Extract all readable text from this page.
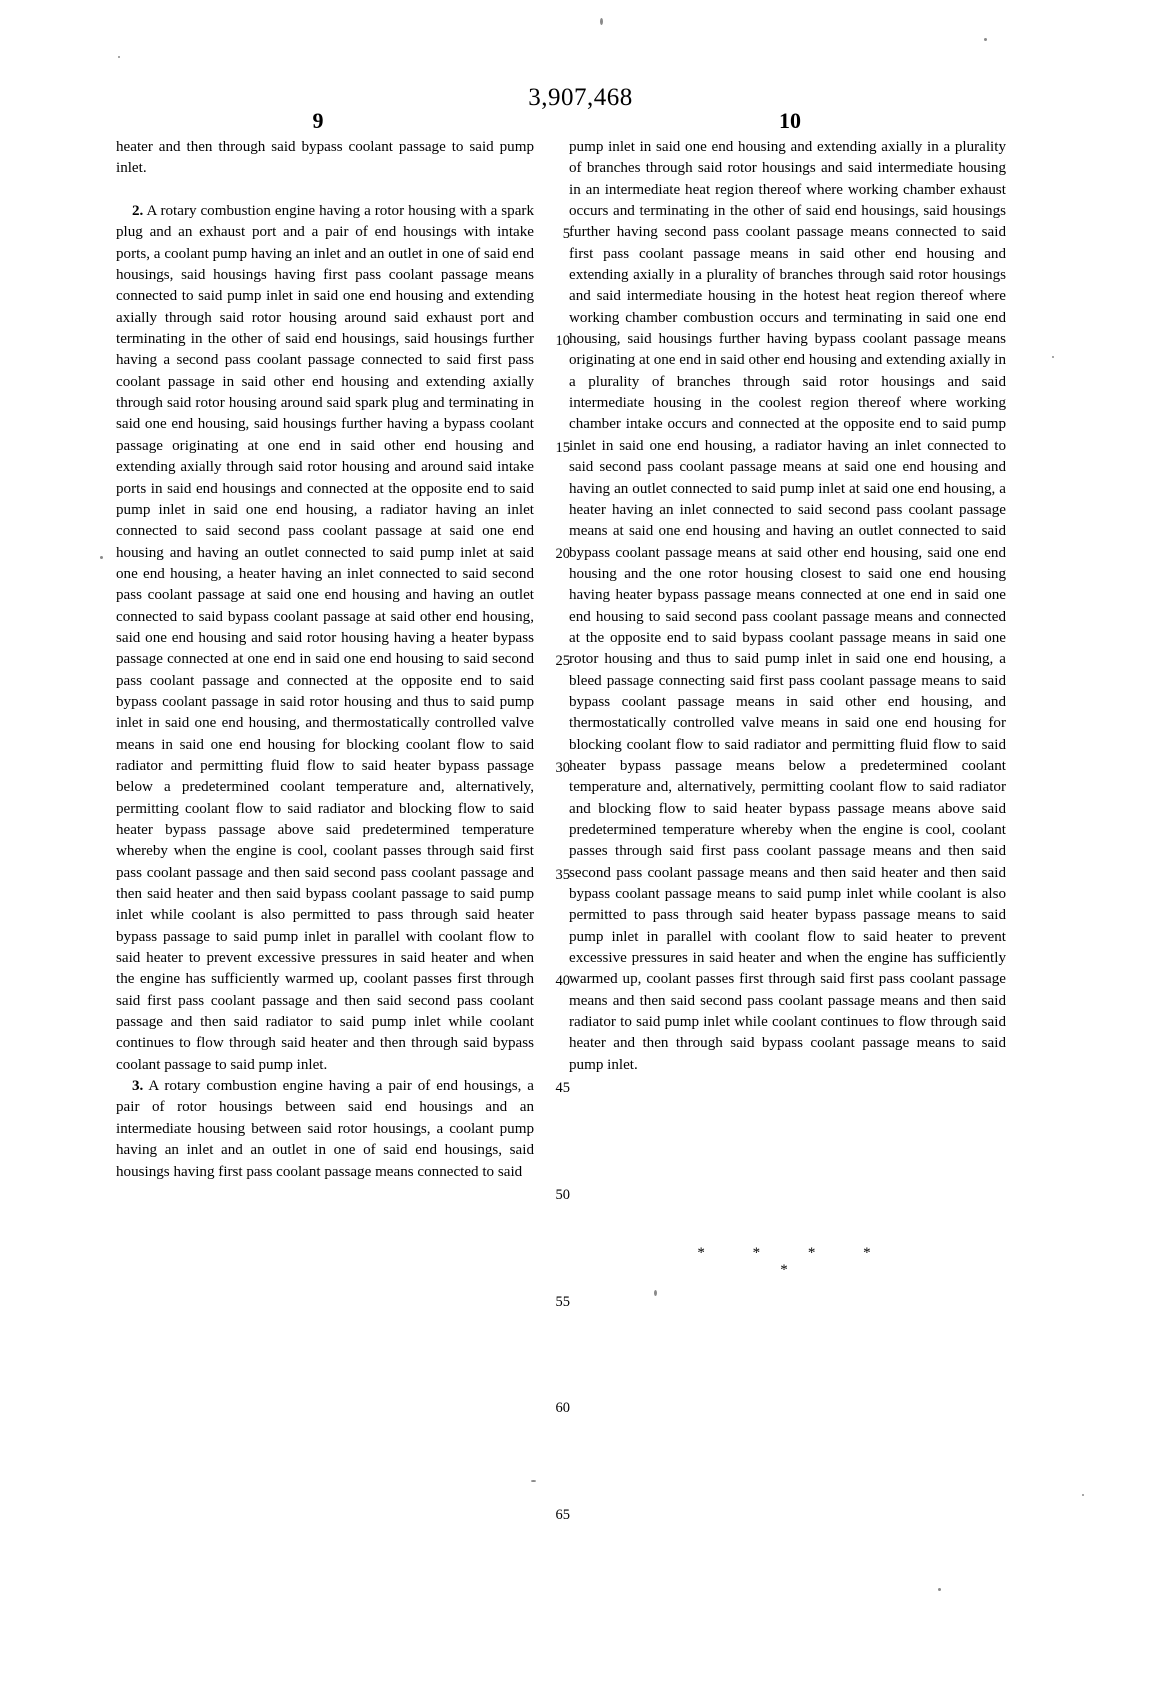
3,907,468
9	10

heater and then through said bypass coolant passage to said pump inlet.

2. A rotary combustion engine having a rotor housing with a spark plug and an exhaust port and a pair of end housings with intake ports, a coolant pump having an inlet and an outlet in one of said end housings, said housings having first pass coolant passage means connected to said pump inlet in said one end housing and extending axially through said rotor housing around said exhaust port and terminating in the other of said end housings, said housings further having a second pass coolant passage connected to said first pass coolant passage in said other end housing and extending axially through said rotor housing around said spark plug and terminating in said one end housing, said housings further having a bypass coolant passage originating at one end in said other end housing and extending axially through said rotor housing and around said intake ports in said end housings and connected at the opposite end to said pump inlet in said one end housing, a radiator having an inlet connected to said second pass coolant passage at said one end housing and having an outlet connected to said pump inlet at said one end housing, a heater having an inlet connected to said second pass coolant passage at said one end housing and having an outlet connected to said bypass coolant passage at said other end housing, said one end housing and said rotor housing having a heater bypass passage connected at one end in said one end housing to said second pass coolant passage and connected at the opposite end to said bypass coolant passage in said rotor housing and thus to said pump inlet in said one end housing, and thermostatically controlled valve means in said one end housing for blocking coolant flow to said radiator and permitting fluid flow to said heater bypass passage below a predetermined coolant temperature and, alternatively, permitting coolant flow to said radiator and blocking flow to said heater bypass passage above said predetermined temperature whereby when the engine is cool, coolant passes through said first pass coolant passage and then said second pass coolant passage and then said heater and then said bypass coolant passage to said pump inlet while coolant is also permitted to pass through said heater bypass passage to said pump inlet in parallel with coolant flow to said heater to prevent excessive pressures in said heater and when the engine has sufficiently warmed up, coolant passes first through said first pass coolant passage and then said second pass coolant passage and then said radiator to said pump inlet while coolant continues to flow through said heater and then through said bypass coolant passage to said pump inlet.

3. A rotary combustion engine having a pair of end housings, a pair of rotor housings between said end housings and an intermediate housing between said rotor housings, a coolant pump having an inlet and an outlet in one of said end housings, said housings having first pass coolant passage means connected to said

pump inlet in said one end housing and extending axially in a plurality of branches through said rotor housings and said intermediate housing in an intermediate heat region thereof where working chamber exhaust occurs and terminating in the other of said end housings, said housings further having second pass coolant passage means connected to said first pass coolant passage means in said other end housing and extending axially in a plurality of branches through said rotor housings and said intermediate housing in the hotest heat region thereof where working chamber combustion occurs and terminating in said one end housing, said housings further having bypass coolant passage means originating at one end in said other end housing and extending axially in a plurality of branches through said rotor housings and said intermediate housing in the coolest region thereof where working chamber intake occurs and connected at the opposite end to said pump inlet in said one end housing, a radiator having an inlet connected to said second pass coolant passage means at said one end housing and having an outlet connected to said pump inlet at said one end housing, a heater having an inlet connected to said second pass coolant passage means at said one end housing and having an outlet connected to said bypass coolant passage means at said other end housing, said one end housing and the one rotor housing closest to said one end housing having heater bypass passage means connected at one end in said one end housing to said second pass coolant passage means and connected at the opposite end to said bypass coolant passage means in said one rotor housing and thus to said pump inlet in said one end housing, a bleed passage connecting said first pass coolant passage means to said bypass coolant passage means in said other end housing, and thermostatically controlled valve means in said one end housing for blocking coolant flow to said radiator and permitting fluid flow to said heater bypass passage means below a predetermined coolant temperature and, alternatively, permitting coolant flow to said radiator and blocking flow to said heater bypass passage means above said predetermined temperature whereby when the engine is cool, coolant passes through said first pass coolant passage means and then said second pass coolant passage means and then said heater and then said bypass coolant passage means to said pump inlet while coolant is also permitted to pass through said heater bypass passage means to said pump inlet in parallel with coolant flow to said heater to prevent excessive pressures in said heater and when the engine has sufficiently warmed up, coolant passes first through said first pass coolant passage means and then said second pass coolant passage means and then said radiator to said pump inlet while coolant continues to flow through said heater and then through said bypass coolant passage means to said pump inlet.

5
10
15
20
25
30
35
40
45
50
55
60
65
* * * * *
